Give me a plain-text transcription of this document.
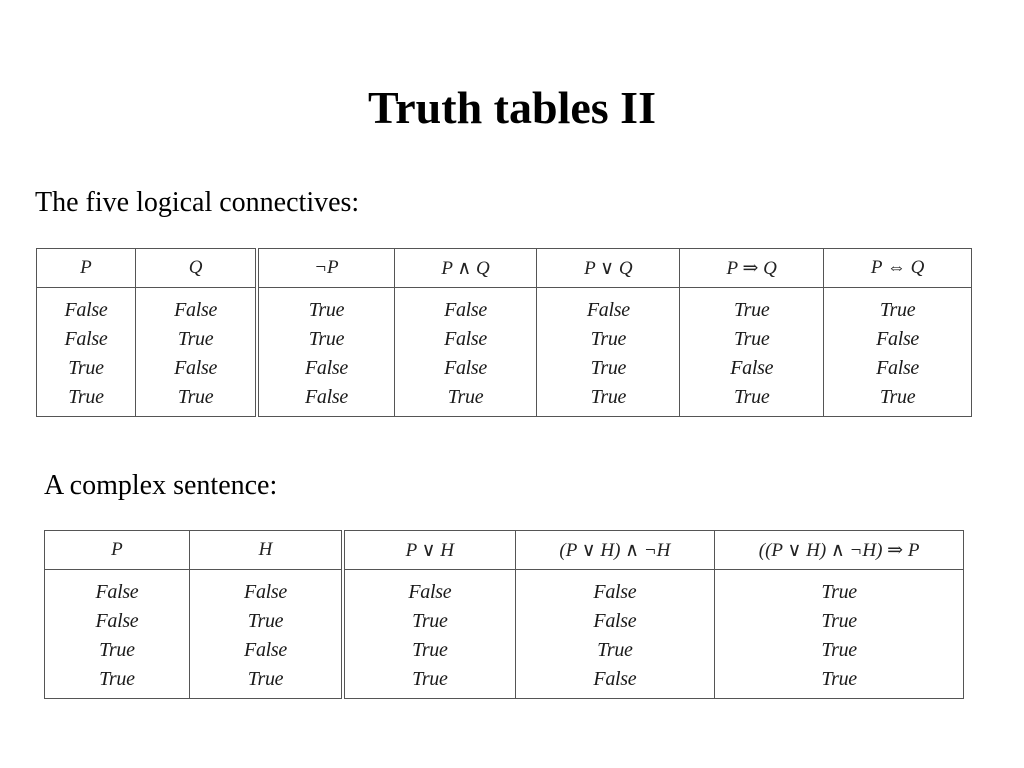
Truth tables II
The five logical connectives:
P	Q	¬P	P ∧ Q	P ∨ Q	P ⇒ Q	P ⇔ Q
False	False	True	False	False	True	True
False	True	True	False	True	True	False
True	False	False	False	True	False	False
True	True	False	True	True	True	True
A complex sentence:
P	H	P ∨ H	(P ∨ H) ∧ ¬H	((P ∨ H) ∧ ¬H) ⇒ P
False	False	False	False	True
False	True	True	False	True
True	False	True	True	True
True	True	True	False	True
